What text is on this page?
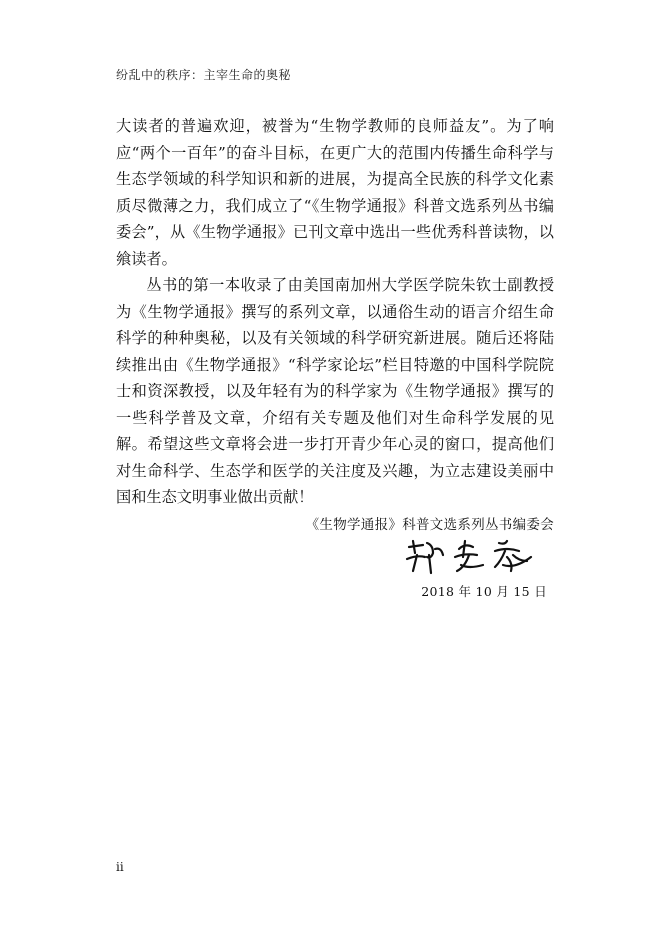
纷乱中的秩序：主宰生命的奥秘

大读者的普遍欢迎，被誉为“生物学教师的良师益友”。为了响应“两个一百年”的奋斗目标，在更广大的范围内传播生命科学与生态学领域的科学知识和新的进展，为提高全民族的科学文化素质尽微薄之力，我们成立了“《生物学通报》科普文选系列丛书编委会”，从《生物学通报》已刊文章中选出一些优秀科普读物，以飨读者。

丛书的第一本收录了由美国南加州大学医学院朱钦士副教授为《生物学通报》撰写的系列文章，以通俗生动的语言介绍生命科学的种种奥秘，以及有关领域的科学研究新进展。随后还将陆续推出由《生物学通报》“科学家论坛”栏目特邀的中国科学院院士和资深教授，以及年轻有为的科学家为《生物学通报》撰写的一些科学普及文章，介绍有关专题及他们对生命科学发展的见解。希望这些文章将会进一步打开青少年心灵的窗口，提高他们对生命科学、生态学和医学的关注度及兴趣，为立志建设美丽中国和生态文明事业做出贡献！

《生物学通报》科普文选系列丛书编委会
2018 年 10 月 15 日
ii
